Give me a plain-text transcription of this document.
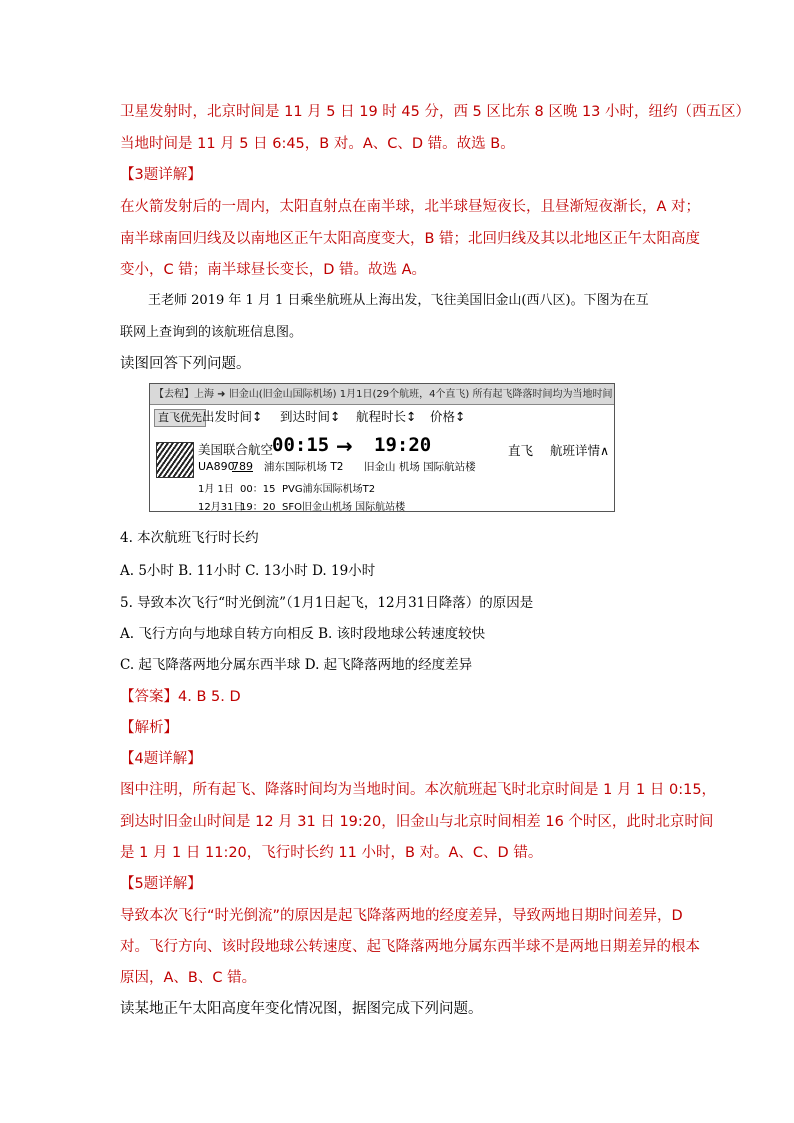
卫星发射时，北京时间是 11 月 5 日 19 时 45 分，西 5 区比东 8 区晚 13 小时，纽约（西五区）
当地时间是 11 月 5 日 6:45，B 对。A、C、D 错。故选 B。
【3题详解】
在火箭发射后的一周内，太阳直射点在南半球，北半球昼短夜长，且昼渐短夜渐长，A 对；
南半球南回归线及以南地区正午太阳高度变大，B 错；北回归线及其以北地区正午太阳高度
变小，C 错；南半球昼长变长，D 错。故选 A。
王老师 2019 年 1 月 1 日乘坐航班从上海出发，飞往美国旧金山(西八区)。下图为在互
联网上查询到的该航班信息图。
读图回答下列问题。
【去程】上海 ➜ 旧金山(旧金山国际机场) 1月1日(29个航班，4个直飞) 所有起飞降落时间均为当地时间
直飞优先 出发时间↕ 到达时间↕ 航程时长↕ 价格↕
美国联合航空
UA890
789
00:15 → 19:20
浦东国际机场 T2 旧金山 机场 国际航站楼
直飞 航班详情∧
1月 1日 00：15 PVG浦东国际机场T2
12月31日
19：20 SFO旧金山机场 国际航站楼
4. 本次航班飞行时长约
A. 5小时 B. 11小时 C. 13小时 D. 19小时
5. 导致本次飞行“时光倒流”（1月1日起飞，12月31日降落）的原因是
A. 飞行方向与地球自转方向相反 B. 该时段地球公转速度较快
C. 起飞降落两地分属东西半球 D. 起飞降落两地的经度差异
【答案】4. B 5. D
【解析】
【4题详解】
图中注明，所有起飞、降落时间均为当地时间。本次航班起飞时北京时间是 1 月 1 日 0:15，
到达时旧金山时间是 12 月 31 日 19:20，旧金山与北京时间相差 16 个时区，此时北京时间
是 1 月 1 日 11:20，飞行时长约 11 小时，B 对。A、C、D 错。
【5题详解】
导致本次飞行“时光倒流”的原因是起飞降落两地的经度差异，导致两地日期时间差异，D
对。飞行方向、该时段地球公转速度、起飞降落两地分属东西半球不是两地日期差异的根本
原因，A、B、C 错。
读某地正午太阳高度年变化情况图，据图完成下列问题。
